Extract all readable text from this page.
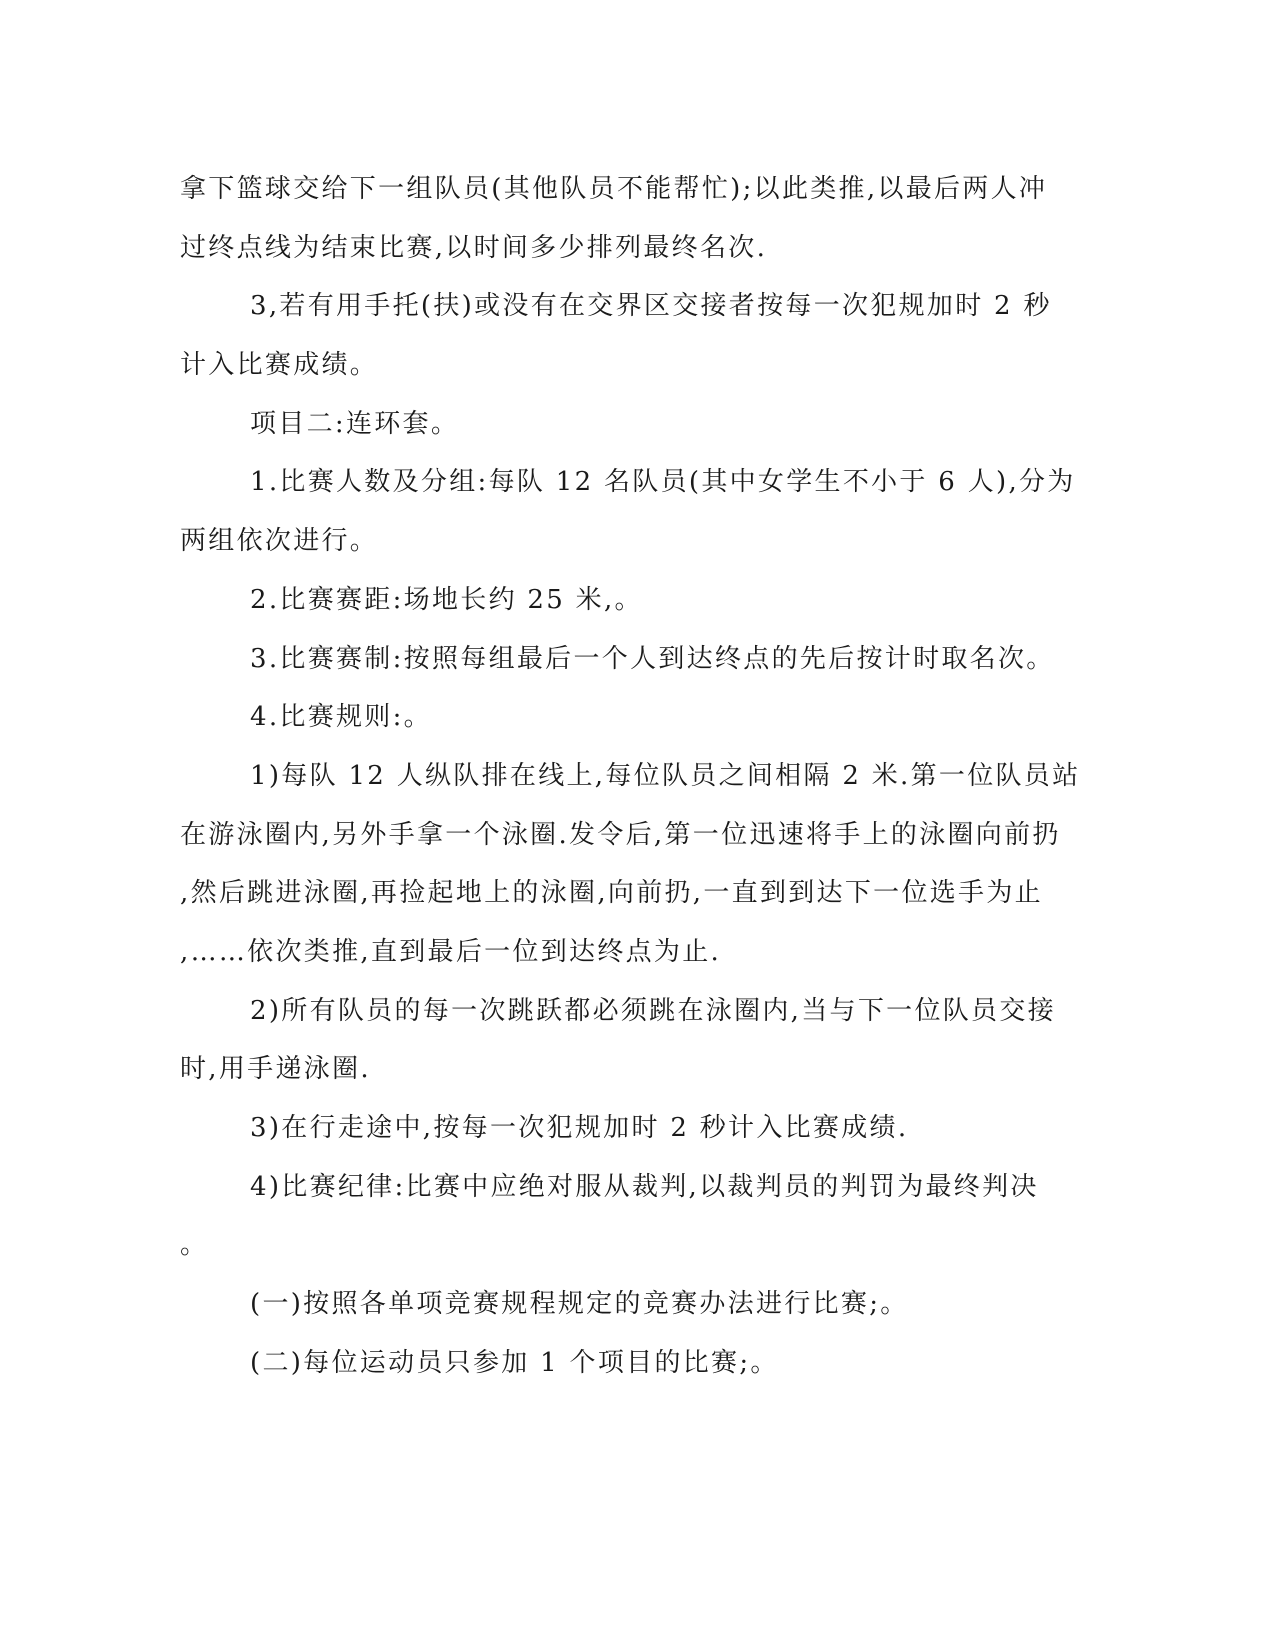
拿下篮球交给下一组队员(其他队员不能帮忙);以此类推,以最后两人冲
过终点线为结束比赛,以时间多少排列最终名次.
3,若有用手托(扶)或没有在交界区交接者按每一次犯规加时 2 秒
计入比赛成绩。
项目二:连环套。
1.比赛人数及分组:每队 12 名队员(其中女学生不小于 6 人),分为
两组依次进行。
2.比赛赛距:场地长约 25 米,。
3.比赛赛制:按照每组最后一个人到达终点的先后按计时取名次。
4.比赛规则:。
1)每队 12 人纵队排在线上,每位队员之间相隔 2 米.第一位队员站
在游泳圈内,另外手拿一个泳圈.发令后,第一位迅速将手上的泳圈向前扔
,然后跳进泳圈,再捡起地上的泳圈,向前扔,一直到到达下一位选手为止
,……依次类推,直到最后一位到达终点为止.
2)所有队员的每一次跳跃都必须跳在泳圈内,当与下一位队员交接
时,用手递泳圈.
3)在行走途中,按每一次犯规加时 2 秒计入比赛成绩.
4)比赛纪律:比赛中应绝对服从裁判,以裁判员的判罚为最终判决
。
(一)按照各单项竞赛规程规定的竞赛办法进行比赛;。
(二)每位运动员只参加 1 个项目的比赛;。
